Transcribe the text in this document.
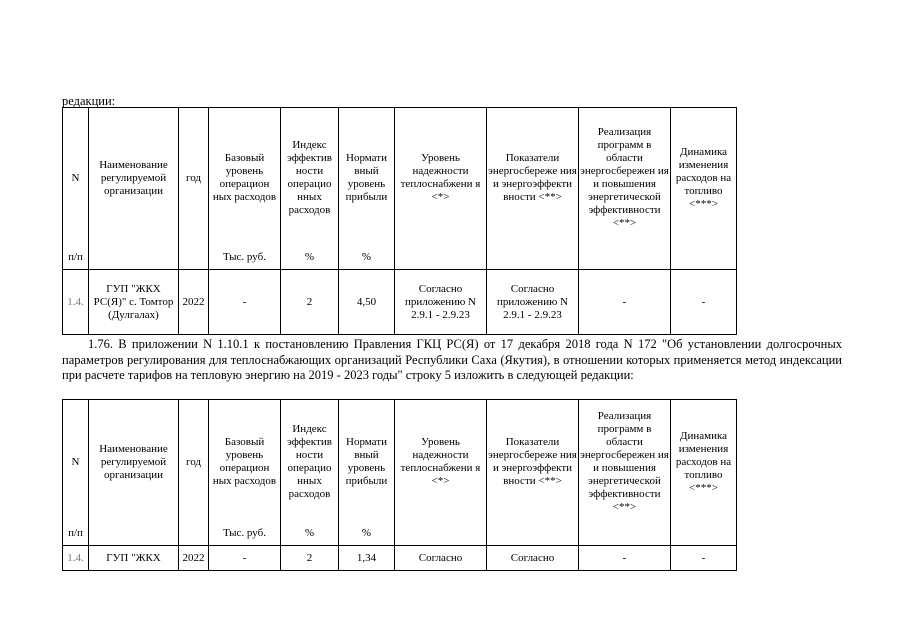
редакции:
N	Наименование регулируемой организации	год	Базовый уровень операцион ных расходов	Индекс эффектив ности операцио нных расходов	Нормати вный уровень прибыли	Уровень надежности теплоснабжени я <*>	Показатели энергосбереже ния и энергоэффекти вности <**>	Реализация программ в области энергосбережен ия и повышения энергетической эффективности <**>	Динамика изменения расходов на топливо <***>
п/п			Тыс. руб.	%	%				
1.4.	ГУП "ЖКХ РС(Я)" с. Томтор (Дулгалах)	2022	-	2	4,50	Согласно приложению N 2.9.1 - 2.9.23	Согласно приложению N 2.9.1 - 2.9.23	-	-
1.76. В приложении N 1.10.1 к постановлению Правления ГКЦ РС(Я) от 17 декабря 2018 года N 172 "Об установлении долгосрочных параметров регулирования для теплоснабжающих организаций Республики Саха (Якутия), в отношении которых применяется метод индексации при расчете тарифов на тепловую энергию на 2019 - 2023 годы" строку 5 изложить в следующей редакции:
N	Наименование регулируемой организации	год	Базовый уровень операцион ных расходов	Индекс эффектив ности операцио нных расходов	Нормати вный уровень прибыли	Уровень надежности теплоснабжени я <*>	Показатели энергосбереже ния и энергоэффекти вности <**>	Реализация программ в области энергосбережен ия и повышения энергетической эффективности <**>	Динамика изменения расходов на топливо <***>
п/п			Тыс. руб.	%	%				
1.4.	ГУП "ЖКХ	2022	-	2	1,34	Согласно	Согласно	-	-
